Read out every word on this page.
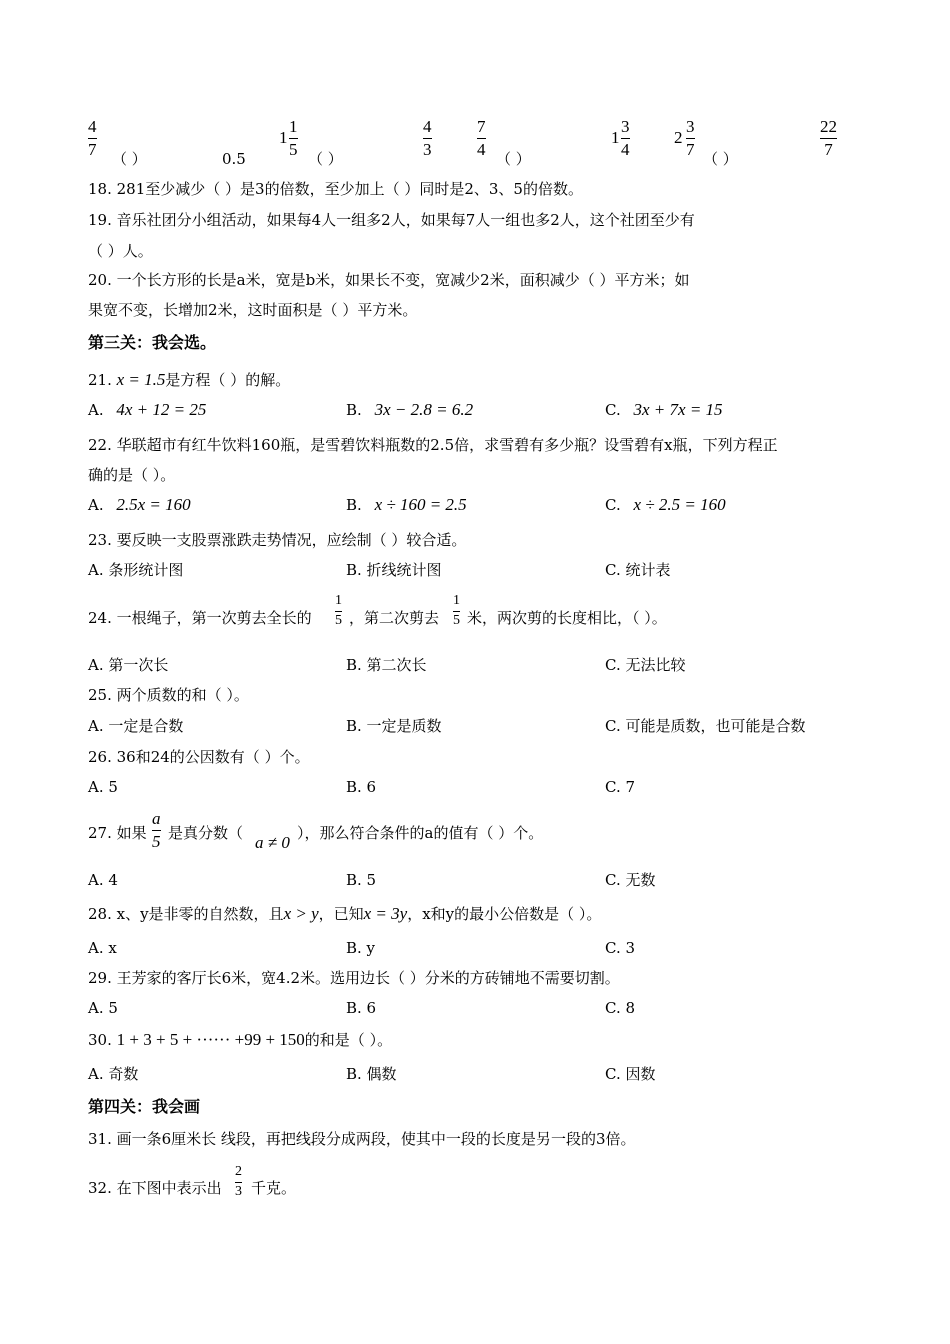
4
7
（ ）	0.5
1
1
5
（ ）
4
3
7
4
（ ）
1
3
4
2
3
7
（ ）
22
7
18. 281至少减少（ ）是3的倍数，至少加上（ ）同时是2、3、5的倍数。
19. 音乐社团分小组活动，如果每4人一组多2人，如果每7人一组也多2人，这个社团至少有
（ ）人。
20. 一个长方形的长是a米，宽是b米，如果长不变，宽减少2米，面积减少（ ）平方米；如
果宽不变，长增加2米，这时面积是（ ）平方米。
第三关：我会选。
21. x = 1.5是方程（ ）的解。
A. 4x + 12 = 25	B. 3x − 2.8 = 6.2	C. 3x + 7x = 15
22. 华联超市有红牛饮料160瓶，是雪碧饮料瓶数的2.5倍，求雪碧有多少瓶？设雪碧有x瓶，下列方程正
确的是（ ）。
A. 2.5x = 160	B. x ÷ 160 = 2.5	C. x ÷ 2.5 = 160
23. 要反映一支股票涨跌走势情况，应绘制（ ）较合适。
A. 条形统计图	B. 折线统计图	C. 统计表
24. 一根绳子，第一次剪去全长的
1
5 ，第二次剪去
1
5 米，两次剪的长度相比，（ ）。
A. 第一次长	B. 第二次长	C. 无法比较
25. 两个质数的和（ ）。
A. 一定是合数	B. 一定是质数	C. 可能是质数，也可能是合数
26. 36和24的公因数有（ ）个。
A. 5	B. 6	C. 7
27. 如果
a
5 是真分数（ a ≠ 0 ），那么符合条件的a的值有（ ）个。
A. 4	B. 5	C. 无数
28. x、y是非零的自然数，且x > y，已知x = 3y，x和y的最小公倍数是（ ）。
A. x	B. y	C. 3
29. 王芳家的客厅长6米，宽4.2米。选用边长（ ）分米的方砖铺地不需要切割。
A. 5	B. 6	C. 8
30. 1 + 3 + 5 + ······ +99 + 150的和是（ ）。
A. 奇数	B. 偶数	C. 因数
第四关：我会画
31. 画一条6厘米长 线段，再把线段分成两段，使其中一段的长度是另一段的3倍。
32. 在下图中表示出
2
3 千克。
